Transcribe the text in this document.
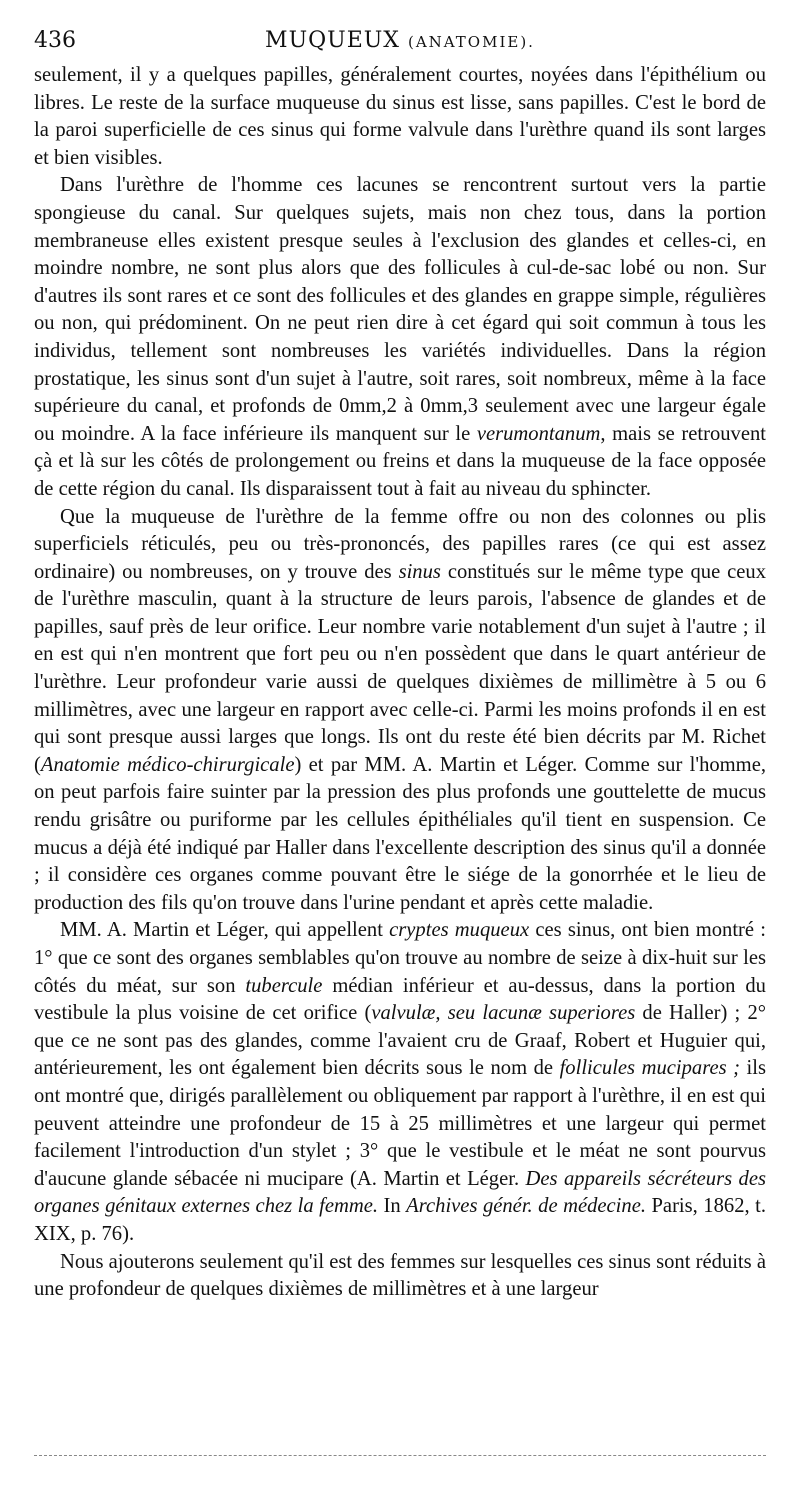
436	MUQUEUX (ANATOMIE).

seulement, il y a quelques papilles, généralement courtes, noyées dans l'épithélium ou libres. Le reste de la surface muqueuse du sinus est lisse, sans papilles. C'est le bord de la paroi superficielle de ces sinus qui forme valvule dans l'urèthre quand ils sont larges et bien visibles.

Dans l'urèthre de l'homme ces lacunes se rencontrent surtout vers la partie spongieuse du canal. Sur quelques sujets, mais non chez tous, dans la portion membraneuse elles existent presque seules à l'exclusion des glandes et celles-ci, en moindre nombre, ne sont plus alors que des follicules à cul-de-sac lobé ou non. Sur d'autres ils sont rares et ce sont des follicules et des glandes en grappe simple, régulières ou non, qui prédominent. On ne peut rien dire à cet égard qui soit commun à tous les individus, tellement sont nombreuses les variétés individuelles. Dans la région prostatique, les sinus sont d'un sujet à l'autre, soit rares, soit nombreux, même à la face supérieure du canal, et profonds de 0mm,2 à 0mm,3 seulement avec une largeur égale ou moindre. A la face inférieure ils manquent sur le verumontanum, mais se retrouvent çà et là sur les côtés de prolongement ou freins et dans la muqueuse de la face opposée de cette région du canal. Ils disparaissent tout à fait au niveau du sphincter.

Que la muqueuse de l'urèthre de la femme offre ou non des colonnes ou plis superficiels réticulés, peu ou très-prononcés, des papilles rares (ce qui est assez ordinaire) ou nombreuses, on y trouve des sinus constitués sur le même type que ceux de l'urèthre masculin, quant à la structure de leurs parois, l'absence de glandes et de papilles, sauf près de leur orifice. Leur nombre varie notablement d'un sujet à l'autre ; il en est qui n'en montrent que fort peu ou n'en possèdent que dans le quart antérieur de l'urèthre. Leur profondeur varie aussi de quelques dixièmes de millimètre à 5 ou 6 millimètres, avec une largeur en rapport avec celle-ci. Parmi les moins profonds il en est qui sont presque aussi larges que longs. Ils ont du reste été bien décrits par M. Richet (Anatomie médico-chirurgicale) et par MM. A. Martin et Léger. Comme sur l'homme, on peut parfois faire suinter par la pression des plus profonds une gouttelette de mucus rendu grisâtre ou puriforme par les cellules épithéliales qu'il tient en suspension. Ce mucus a déjà été indiqué par Haller dans l'excellente description des sinus qu'il a donnée ; il considère ces organes comme pouvant être le siége de la gonorrhée et le lieu de production des fils qu'on trouve dans l'urine pendant et après cette maladie.

MM. A. Martin et Léger, qui appellent cryptes muqueux ces sinus, ont bien montré : 1° que ce sont des organes semblables qu'on trouve au nombre de seize à dix-huit sur les côtés du méat, sur son tubercule médian inférieur et au-dessus, dans la portion du vestibule la plus voisine de cet orifice (valvulæ, seu lacunæ superiores de Haller) ; 2° que ce ne sont pas des glandes, comme l'avaient cru de Graaf, Robert et Huguier qui, antérieurement, les ont également bien décrits sous le nom de follicules mucipares ; ils ont montré que, dirigés parallèlement ou obliquement par rapport à l'urèthre, il en est qui peuvent atteindre une profondeur de 15 à 25 millimètres et une largeur qui permet facilement l'introduction d'un stylet ; 3° que le vestibule et le méat ne sont pourvus d'aucune glande sébacée ni mucipare (A. Martin et Léger. Des appareils sécréteurs des organes génitaux externes chez la femme. In Archives génér. de médecine. Paris, 1862, t. XIX, p. 76).

Nous ajouterons seulement qu'il est des femmes sur lesquelles ces sinus sont réduits à une profondeur de quelques dixièmes de millimètres et à une largeur
